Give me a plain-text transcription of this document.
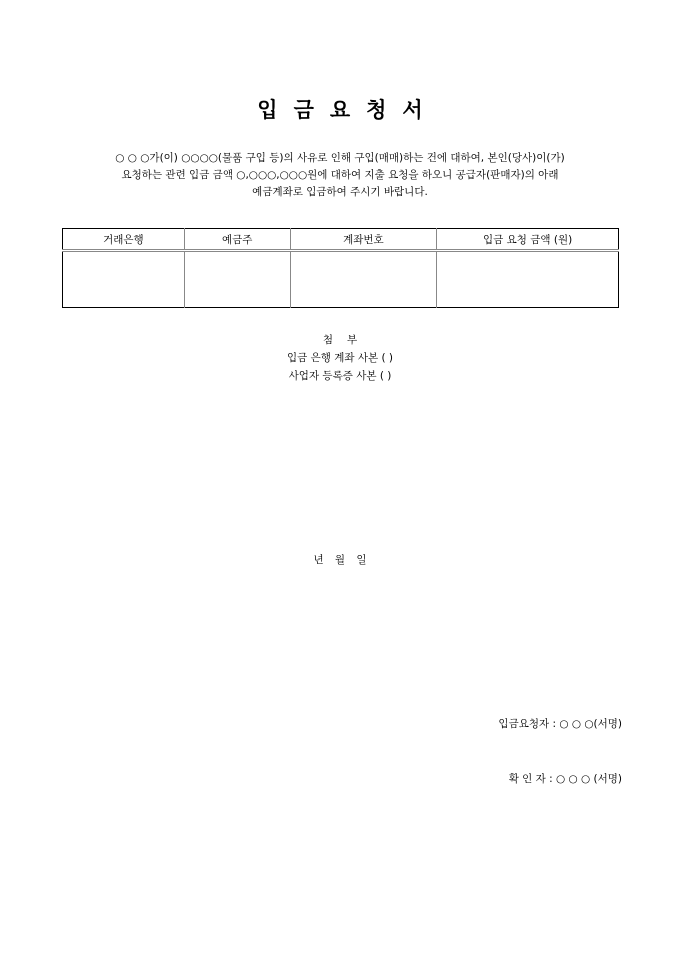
입금요청서
○ ○ ○가(이) ○○○○(물품 구입 등)의 사유로 인해 구입(매매)하는 건에 대하여, 본인(당사)이(가)
요청하는 관련 입금 금액 ○,○○○,○○○원에 대하여 지출 요청을 하오니 공급자(판매자)의 아래
예금계좌로 입금하여 주시기 바랍니다.
거래은행	예금주	계좌번호	입금 요청 금액 (원)

첨부
입금 은행 계좌 사본 ( )
사업자 등록증 사본 ( )
년 월 일
입금요청자 : ○ ○ ○(서명)
확 인 자 : ○ ○ ○ (서명)
